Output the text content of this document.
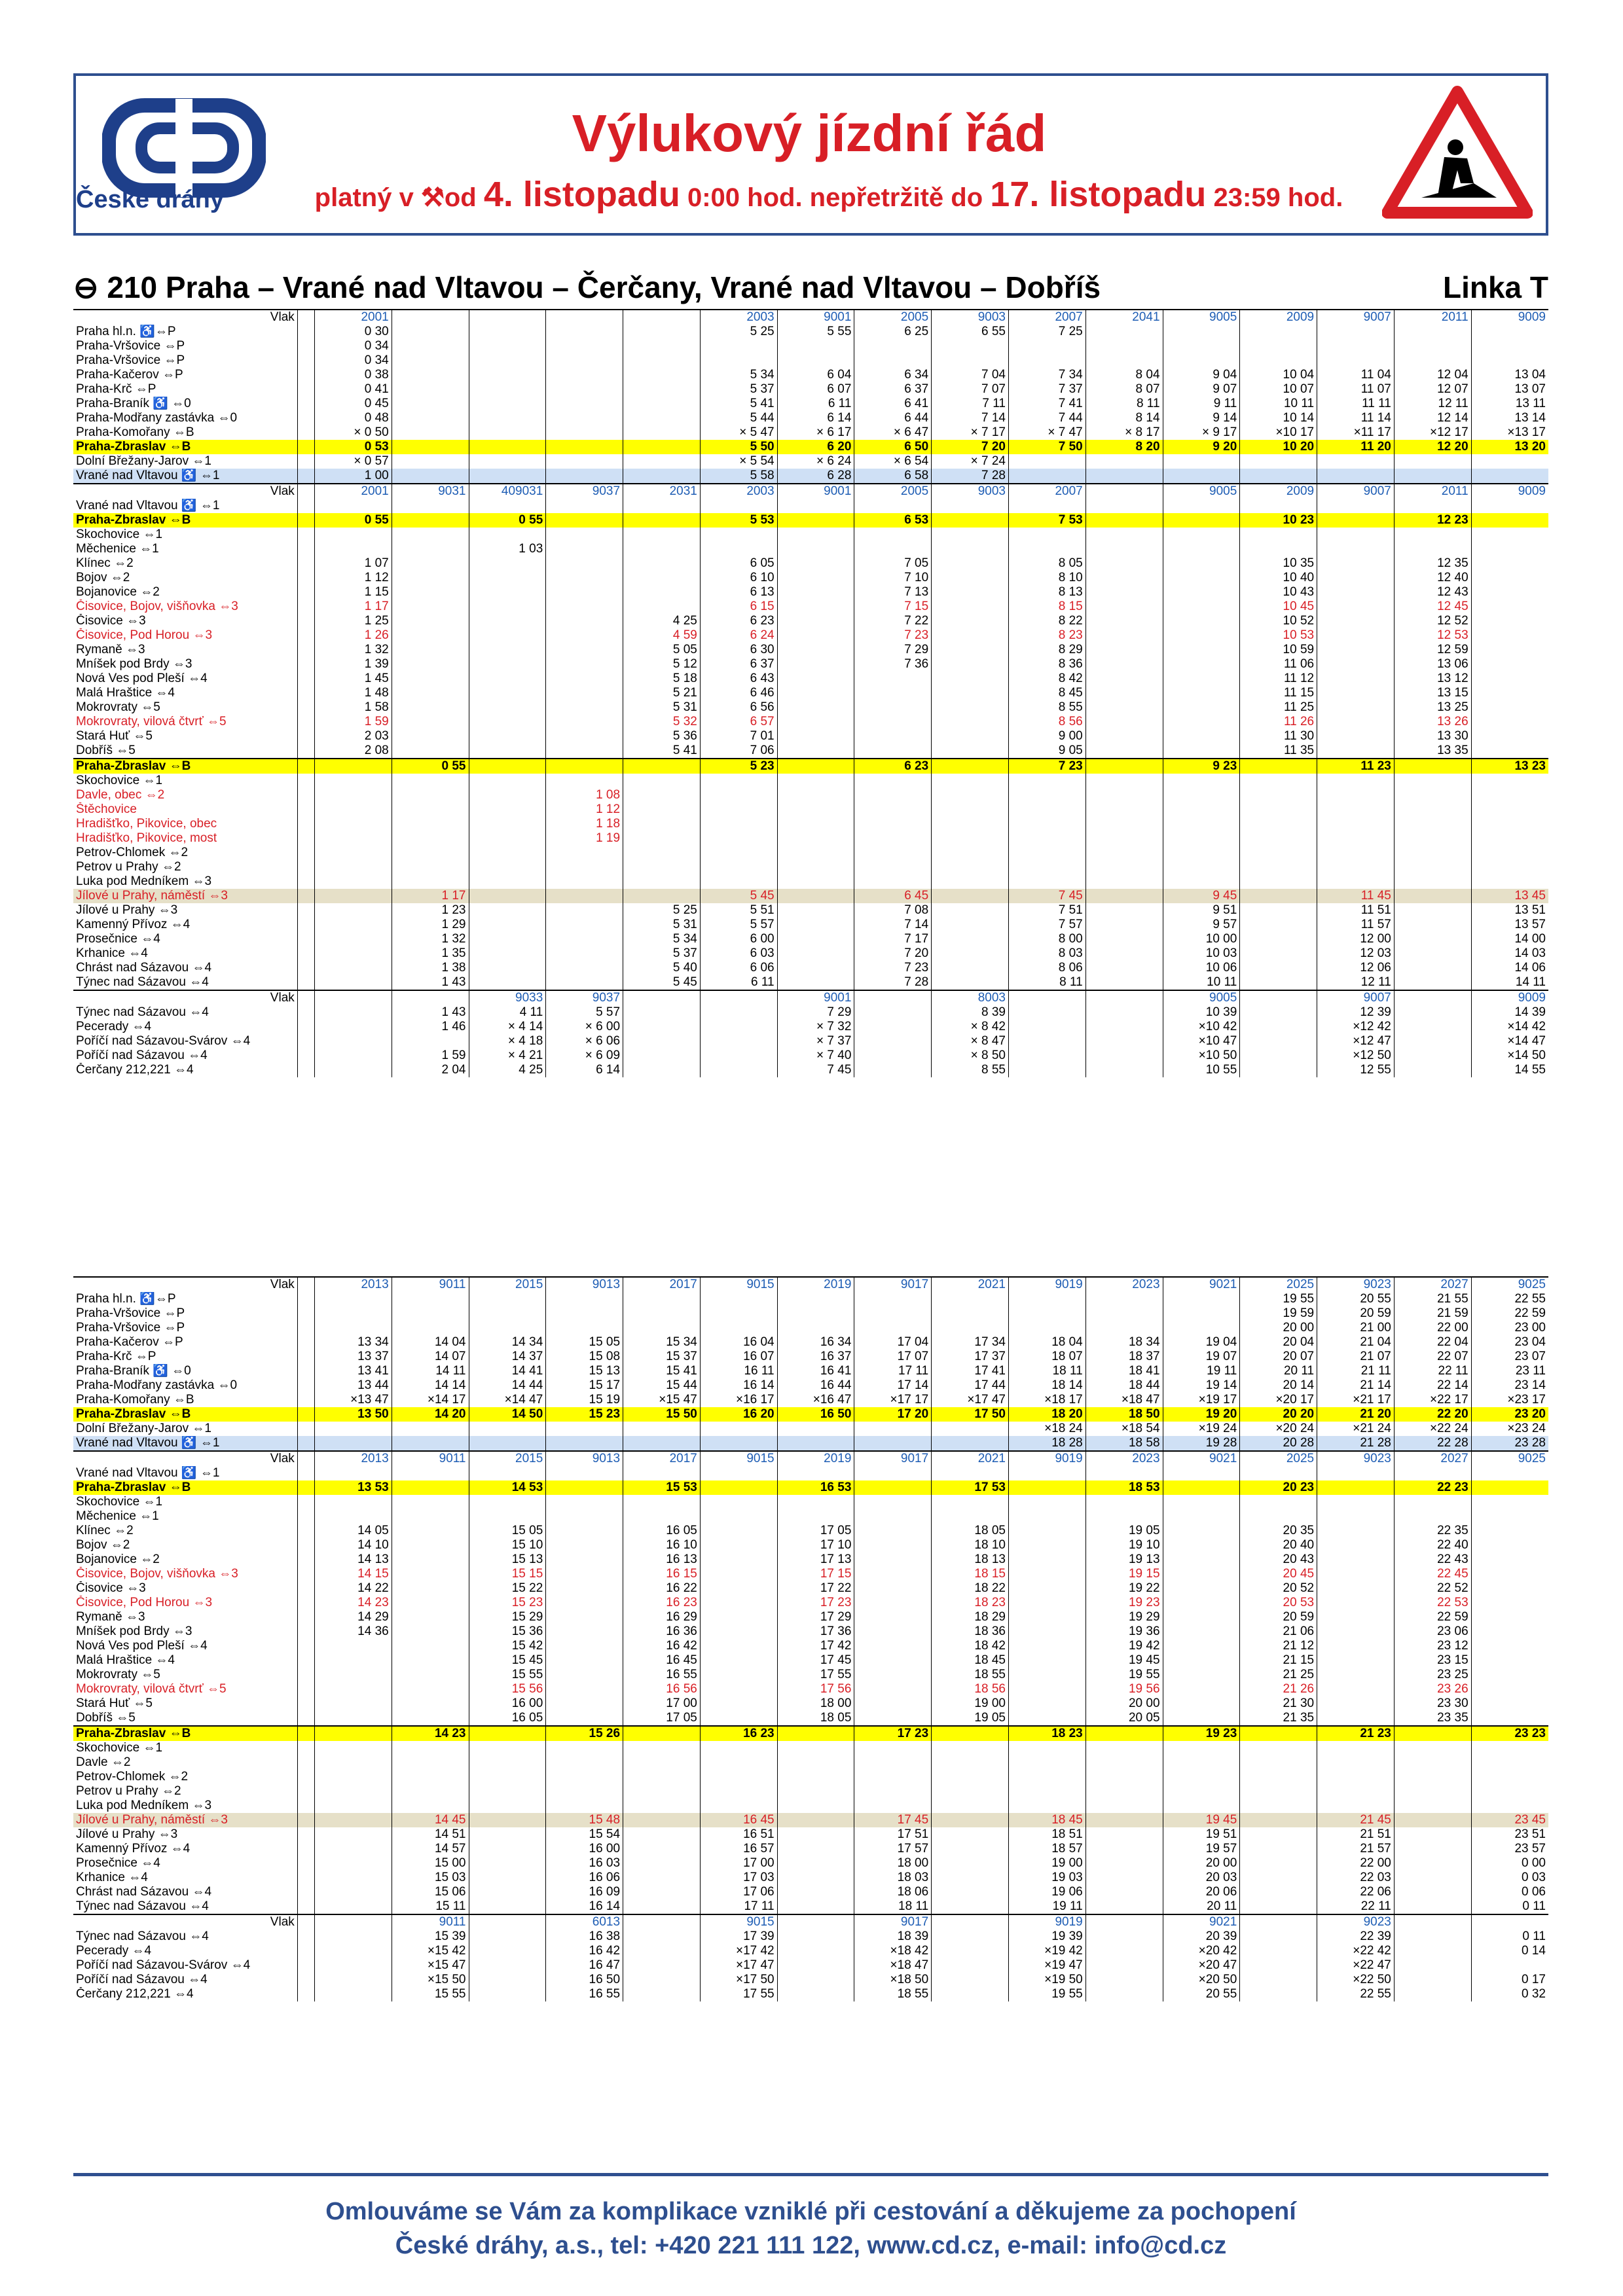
České dráhy
Výlukový jízdní řád
platný v ⚒od 4. listopadu 0:00 hod. nepřetržitě do 17. listopadu 23:59 hod.
⊖ 210 Praha – Vrané nad Vltavou – Čerčany, Vrané nad Vltavou – Dobříš	Linka T
Vlak		2001					2003	9001	2005	9003	2007	2041	9005	2009	9007	2011	9009
Praha hl.n. ♿⇔P		0 30					5 25	5 55	6 25	6 55	7 25						
Praha-Vršovice ⇔P		0 34															
Praha-Vršovice ⇔P		0 34															
Praha-Kačerov ⇔P		0 38					5 34	6 04	6 34	7 04	7 34	8 04	9 04	10 04	11 04	12 04	13 04
Praha-Krč ⇔P		0 41					5 37	6 07	6 37	7 07	7 37	8 07	9 07	10 07	11 07	12 07	13 07
Praha-Braník ♿ ⇔0		0 45					5 41	6 11	6 41	7 11	7 41	8 11	9 11	10 11	11 11	12 11	13 11
Praha-Modřany zastávka ⇔0		0 48					5 44	6 14	6 44	7 14	7 44	8 14	9 14	10 14	11 14	12 14	13 14
Praha-Komořany ⇔B		× 0 50					× 5 47	× 6 17	× 6 47	× 7 17	× 7 47	× 8 17	× 9 17	×10 17	×11 17	×12 17	×13 17
Praha-Zbraslav ⇔B		0 53					5 50	6 20	6 50	7 20	7 50	8 20	9 20	10 20	11 20	12 20	13 20
Dolní Břežany-Jarov ⇔1		× 0 57					× 5 54	× 6 24	× 6 54	× 7 24							
Vrané nad Vltavou ♿ ⇔1		1 00					5 58	6 28	6 58	7 28							
Vlak		2001	9031	409031	9037	2031	2003	9001	2005	9003	2007		9005	2009	9007	2011	9009
Vrané nad Vltavou ♿ ⇔1																	
Praha-Zbraslav ⇔B		0 55		0 55			5 53		6 53		7 53			10 23		12 23	
Skochovice ⇔1																	
Měchenice ⇔1				1 03													
Klínec ⇔2		1 07					6 05		7 05		8 05			10 35		12 35	
Bojov ⇔2		1 12					6 10		7 10		8 10			10 40		12 40	
Bojanovice ⇔2		1 15					6 13		7 13		8 13			10 43		12 43	
Čisovice, Bojov, višňovka ⇔3		1 17					6 15		7 15		8 15			10 45		12 45	
Čisovice ⇔3		1 25				4 25	6 23		7 22		8 22			10 52		12 52	
Čisovice, Pod Horou ⇔3		1 26				4 59	6 24		7 23		8 23			10 53		12 53	
Rymaně ⇔3		1 32				5 05	6 30		7 29		8 29			10 59		12 59	
Mníšek pod Brdy ⇔3		1 39				5 12	6 37		7 36		8 36			11 06		13 06	
Nová Ves pod Pleší ⇔4		1 45				5 18	6 43				8 42			11 12		13 12	
Malá Hraštice ⇔4		1 48				5 21	6 46				8 45			11 15		13 15	
Mokrovraty ⇔5		1 58				5 31	6 56				8 55			11 25		13 25	
Mokrovraty, vilová čtvrť ⇔5		1 59				5 32	6 57				8 56			11 26		13 26	
Stará Huť ⇔5		2 03				5 36	7 01				9 00			11 30		13 30	
Dobříš ⇔5		2 08				5 41	7 06				9 05			11 35		13 35	
Praha-Zbraslav ⇔B			0 55				5 23		6 23		7 23		9 23		11 23		13 23
Skochovice ⇔1																	
Davle, obec ⇔2					1 08												
Štěchovice					1 12												
Hradišťko, Pikovice, obec					1 18												
Hradišťko, Pikovice, most					1 19												
Petrov-Chlomek ⇔2																	
Petrov u Prahy ⇔2																	
Luka pod Medníkem ⇔3																	
Jílové u Prahy, náměstí ⇔3			1 17				5 45		6 45		7 45		9 45		11 45		13 45
Jílové u Prahy ⇔3			1 23			5 25	5 51		7 08		7 51		9 51		11 51		13 51
Kamenný Přívoz ⇔4			1 29			5 31	5 57		7 14		7 57		9 57		11 57		13 57
Prosečnice ⇔4			1 32			5 34	6 00		7 17		8 00		10 00		12 00		14 00
Krhanice ⇔4			1 35			5 37	6 03		7 20		8 03		10 03		12 03		14 03
Chrást nad Sázavou ⇔4			1 38			5 40	6 06		7 23		8 06		10 06		12 06		14 06
Týnec nad Sázavou ⇔4			1 43			5 45	6 11		7 28		8 11		10 11		12 11		14 11
Vlak				9033	9037			9001		8003			9005		9007		9009
Týnec nad Sázavou ⇔4			1 43	4 11	5 57			7 29		8 39			10 39		12 39		14 39
Pecerady ⇔4			1 46	× 4 14	× 6 00			× 7 32		× 8 42			×10 42		×12 42		×14 42
Poříčí nad Sázavou-Svárov ⇔4				× 4 18	× 6 06			× 7 37		× 8 47			×10 47		×12 47		×14 47
Poříčí nad Sázavou ⇔4			1 59	× 4 21	× 6 09			× 7 40		× 8 50			×10 50		×12 50		×14 50
Čerčany 212,221 ⇔4			2 04	4 25	6 14			7 45		8 55			10 55		12 55		14 55
Vlak		2013	9011	2015	9013	2017	9015	2019	9017	2021	9019	2023	9021	2025	9023	2027	9025
Praha hl.n. ♿⇔P														19 55	20 55	21 55	22 55
Praha-Vršovice ⇔P														19 59	20 59	21 59	22 59
Praha-Vršovice ⇔P														20 00	21 00	22 00	23 00
Praha-Kačerov ⇔P		13 34	14 04	14 34	15 05	15 34	16 04	16 34	17 04	17 34	18 04	18 34	19 04	20 04	21 04	22 04	23 04
Praha-Krč ⇔P		13 37	14 07	14 37	15 08	15 37	16 07	16 37	17 07	17 37	18 07	18 37	19 07	20 07	21 07	22 07	23 07
Praha-Braník ♿ ⇔0		13 41	14 11	14 41	15 13	15 41	16 11	16 41	17 11	17 41	18 11	18 41	19 11	20 11	21 11	22 11	23 11
Praha-Modřany zastávka ⇔0		13 44	14 14	14 44	15 17	15 44	16 14	16 44	17 14	17 44	18 14	18 44	19 14	20 14	21 14	22 14	23 14
Praha-Komořany ⇔B		×13 47	×14 17	×14 47	15 19	×15 47	×16 17	×16 47	×17 17	×17 47	×18 17	×18 47	×19 17	×20 17	×21 17	×22 17	×23 17
Praha-Zbraslav ⇔B		13 50	14 20	14 50	15 23	15 50	16 20	16 50	17 20	17 50	18 20	18 50	19 20	20 20	21 20	22 20	23 20
Dolní Břežany-Jarov ⇔1											×18 24	×18 54	×19 24	×20 24	×21 24	×22 24	×23 24
Vrané nad Vltavou ♿ ⇔1											18 28	18 58	19 28	20 28	21 28	22 28	23 28
Vlak		2013	9011	2015	9013	2017	9015	2019	9017	2021	9019	2023	9021	2025	9023	2027	9025
Vrané nad Vltavou ♿ ⇔1																	
Praha-Zbraslav ⇔B		13 53		14 53		15 53		16 53		17 53		18 53		20 23		22 23	
Skochovice ⇔1																	
Měchenice ⇔1																	
Klínec ⇔2		14 05		15 05		16 05		17 05		18 05		19 05		20 35		22 35	
Bojov ⇔2		14 10		15 10		16 10		17 10		18 10		19 10		20 40		22 40	
Bojanovice ⇔2		14 13		15 13		16 13		17 13		18 13		19 13		20 43		22 43	
Čisovice, Bojov, višňovka ⇔3		14 15		15 15		16 15		17 15		18 15		19 15		20 45		22 45	
Čisovice ⇔3		14 22		15 22		16 22		17 22		18 22		19 22		20 52		22 52	
Čisovice, Pod Horou ⇔3		14 23		15 23		16 23		17 23		18 23		19 23		20 53		22 53	
Rymaně ⇔3		14 29		15 29		16 29		17 29		18 29		19 29		20 59		22 59	
Mníšek pod Brdy ⇔3		14 36		15 36		16 36		17 36		18 36		19 36		21 06		23 06	
Nová Ves pod Pleší ⇔4				15 42		16 42		17 42		18 42		19 42		21 12		23 12	
Malá Hraštice ⇔4				15 45		16 45		17 45		18 45		19 45		21 15		23 15	
Mokrovraty ⇔5				15 55		16 55		17 55		18 55		19 55		21 25		23 25	
Mokrovraty, vilová čtvrť ⇔5				15 56		16 56		17 56		18 56		19 56		21 26		23 26	
Stará Huť ⇔5				16 00		17 00		18 00		19 00		20 00		21 30		23 30	
Dobříš ⇔5				16 05		17 05		18 05		19 05		20 05		21 35		23 35	
Praha-Zbraslav ⇔B			14 23		15 26		16 23		17 23		18 23		19 23		21 23		23 23
Skochovice ⇔1																	
Davle ⇔2																	
Petrov-Chlomek ⇔2																	
Petrov u Prahy ⇔2																	
Luka pod Medníkem ⇔3																	
Jílové u Prahy, náměstí ⇔3			14 45		15 48		16 45		17 45		18 45		19 45		21 45		23 45
Jílové u Prahy ⇔3			14 51		15 54		16 51		17 51		18 51		19 51		21 51		23 51
Kamenný Přívoz ⇔4			14 57		16 00		16 57		17 57		18 57		19 57		21 57		23 57
Prosečnice ⇔4			15 00		16 03		17 00		18 00		19 00		20 00		22 00		0 00
Krhanice ⇔4			15 03		16 06		17 03		18 03		19 03		20 03		22 03		0 03
Chrást nad Sázavou ⇔4			15 06		16 09		17 06		18 06		19 06		20 06		22 06		0 06
Týnec nad Sázavou ⇔4			15 11		16 14		17 11		18 11		19 11		20 11		22 11		0 11
Vlak			9011		6013		9015		9017		9019		9021		9023		
Týnec nad Sázavou ⇔4			15 39		16 38		17 39		18 39		19 39		20 39		22 39		0 11
Pecerady ⇔4			×15 42		16 42		×17 42		×18 42		×19 42		×20 42		×22 42		0 14
Poříčí nad Sázavou-Svárov ⇔4			×15 47		16 47		×17 47		×18 47		×19 47		×20 47		×22 47		
Poříčí nad Sázavou ⇔4			×15 50		16 50		×17 50		×18 50		×19 50		×20 50		×22 50		0 17
Čerčany 212,221 ⇔4			15 55		16 55		17 55		18 55		19 55		20 55		22 55		0 32
Omlouváme se Vám za komplikace vzniklé při cestování a děkujeme za pochopení
České dráhy, a.s., tel: +420 221 111 122, www.cd.cz, e-mail: info@cd.cz
